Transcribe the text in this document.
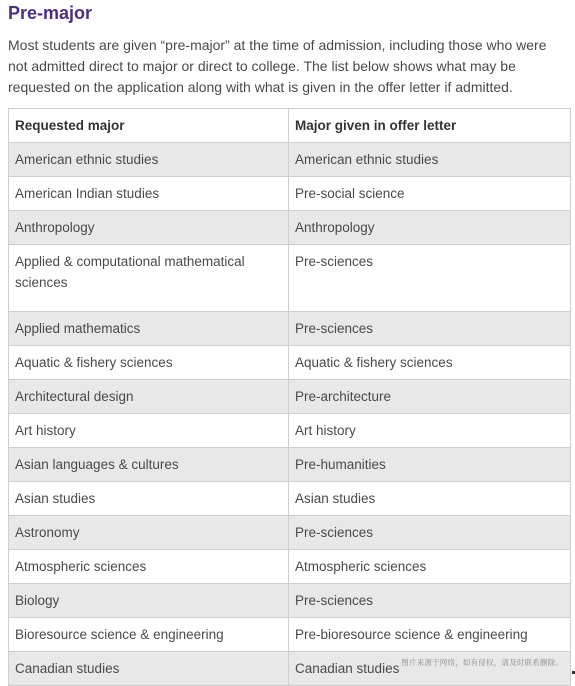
Pre-major

Most students are given “pre-major” at the time of admission, including those who were not admitted direct to major or direct to college. The list below shows what may be requested on the application along with what is given in the offer letter if admitted.

Requested major	Major given in offer letter
American ethnic studies	American ethnic studies
American Indian studies	Pre-social science
Anthropology	Anthropology
Applied & computational mathematical sciences	Pre-sciences
Applied mathematics	Pre-sciences
Aquatic & fishery sciences	Aquatic & fishery sciences
Architectural design	Pre-architecture
Art history	Art history
Asian languages & cultures	Pre-humanities
Asian studies	Asian studies
Astronomy	Pre-sciences
Atmospheric sciences	Atmospheric sciences
Biology	Pre-sciences
Bioresource science & engineering	Pre-bioresource science & engineering
Canadian studies	Canadian studies 图片来源于网络，如有侵权，请及时联系删除。
